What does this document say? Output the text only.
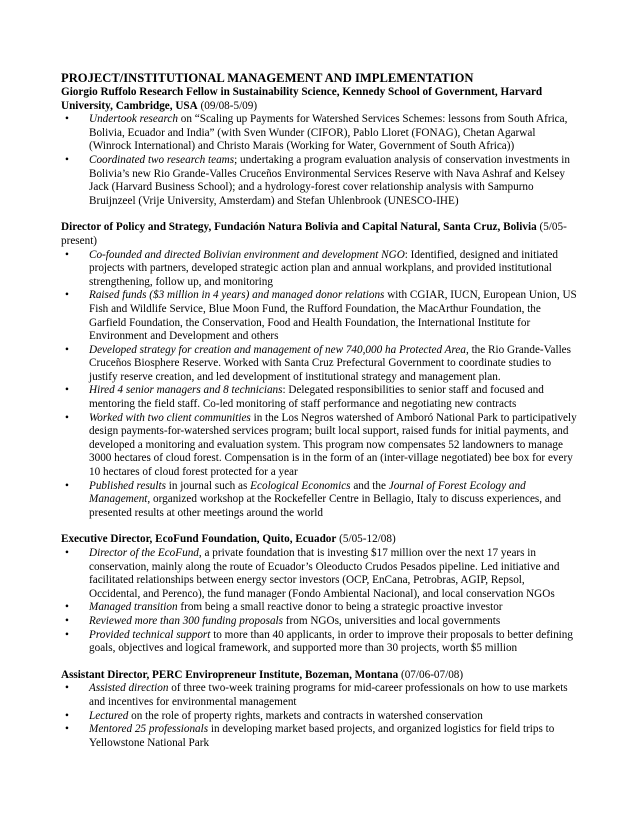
PROJECT/INSTITUTIONAL MANAGEMENT AND IMPLEMENTATION
Giorgio Ruffolo Research Fellow in Sustainability Science, Kennedy School of Government, Harvard University, Cambridge, USA (09/08-5/09)
• Undertook research on “Scaling up Payments for Watershed Services Schemes: lessons from South Africa, Bolivia, Ecuador and India” (with Sven Wunder (CIFOR), Pablo Lloret (FONAG), Chetan Agarwal (Winrock International) and Christo Marais (Working for Water, Government of South Africa))
• Coordinated two research teams; undertaking a program evaluation analysis of conservation investments in Bolivia’s new Rio Grande-Valles Cruceños Environmental Services Reserve with Nava Ashraf and Kelsey Jack (Harvard Business School); and a hydrology-forest cover relationship analysis with Sampurno Bruijnzeel (Vrije University, Amsterdam) and Stefan Uhlenbrook (UNESCO-IHE)
Director of Policy and Strategy, Fundación Natura Bolivia and Capital Natural, Santa Cruz, Bolivia (5/05-present)
• Co-founded and directed Bolivian environment and development NGO: Identified, designed and initiated projects with partners, developed strategic action plan and annual workplans, and provided institutional strengthening, follow up, and monitoring
• Raised funds ($3 million in 4 years) and managed donor relations with CGIAR, IUCN, European Union, US Fish and Wildlife Service, Blue Moon Fund, the Rufford Foundation, the MacArthur Foundation, the Garfield Foundation, the Conservation, Food and Health Foundation, the International Institute for Environment and Development and others
• Developed strategy for creation and management of new 740,000 ha Protected Area, the Rio Grande-Valles Cruceños Biosphere Reserve. Worked with Santa Cruz Prefectural Government to coordinate studies to justify reserve creation, and led development of institutional strategy and management plan.
• Hired 4 senior managers and 8 technicians: Delegated responsibilities to senior staff and focused and mentoring the field staff. Co-led monitoring of staff performance and negotiating new contracts
• Worked with two client communities in the Los Negros watershed of Amboró National Park to participatively design payments-for-watershed services program; built local support, raised funds for initial payments, and developed a monitoring and evaluation system. This program now compensates 52 landowners to manage 3000 hectares of cloud forest. Compensation is in the form of an (inter-village negotiated) bee box for every 10 hectares of cloud forest protected for a year
• Published results in journal such as Ecological Economics and the Journal of Forest Ecology and Management, organized workshop at the Rockefeller Centre in Bellagio, Italy to discuss experiences, and presented results at other meetings around the world
Executive Director, EcoFund Foundation, Quito, Ecuador (5/05-12/08)
• Director of the EcoFund, a private foundation that is investing $17 million over the next 17 years in conservation, mainly along the route of Ecuador’s Oleoducto Crudos Pesados pipeline. Led initiative and facilitated relationships between energy sector investors (OCP, EnCana, Petrobras, AGIP, Repsol, Occidental, and Perenco), the fund manager (Fondo Ambiental Nacional), and local conservation NGOs
• Managed transition from being a small reactive donor to being a strategic proactive investor
• Reviewed more than 300 funding proposals from NGOs, universities and local governments
• Provided technical support to more than 40 applicants, in order to improve their proposals to better defining goals, objectives and logical framework, and supported more than 30 projects, worth $5 million
Assistant Director, PERC Enviropreneur Institute, Bozeman, Montana (07/06-07/08)
• Assisted direction of three two-week training programs for mid-career professionals on how to use markets and incentives for environmental management
• Lectured on the role of property rights, markets and contracts in watershed conservation
• Mentored 25 professionals in developing market based projects, and organized logistics for field trips to Yellowstone National Park
